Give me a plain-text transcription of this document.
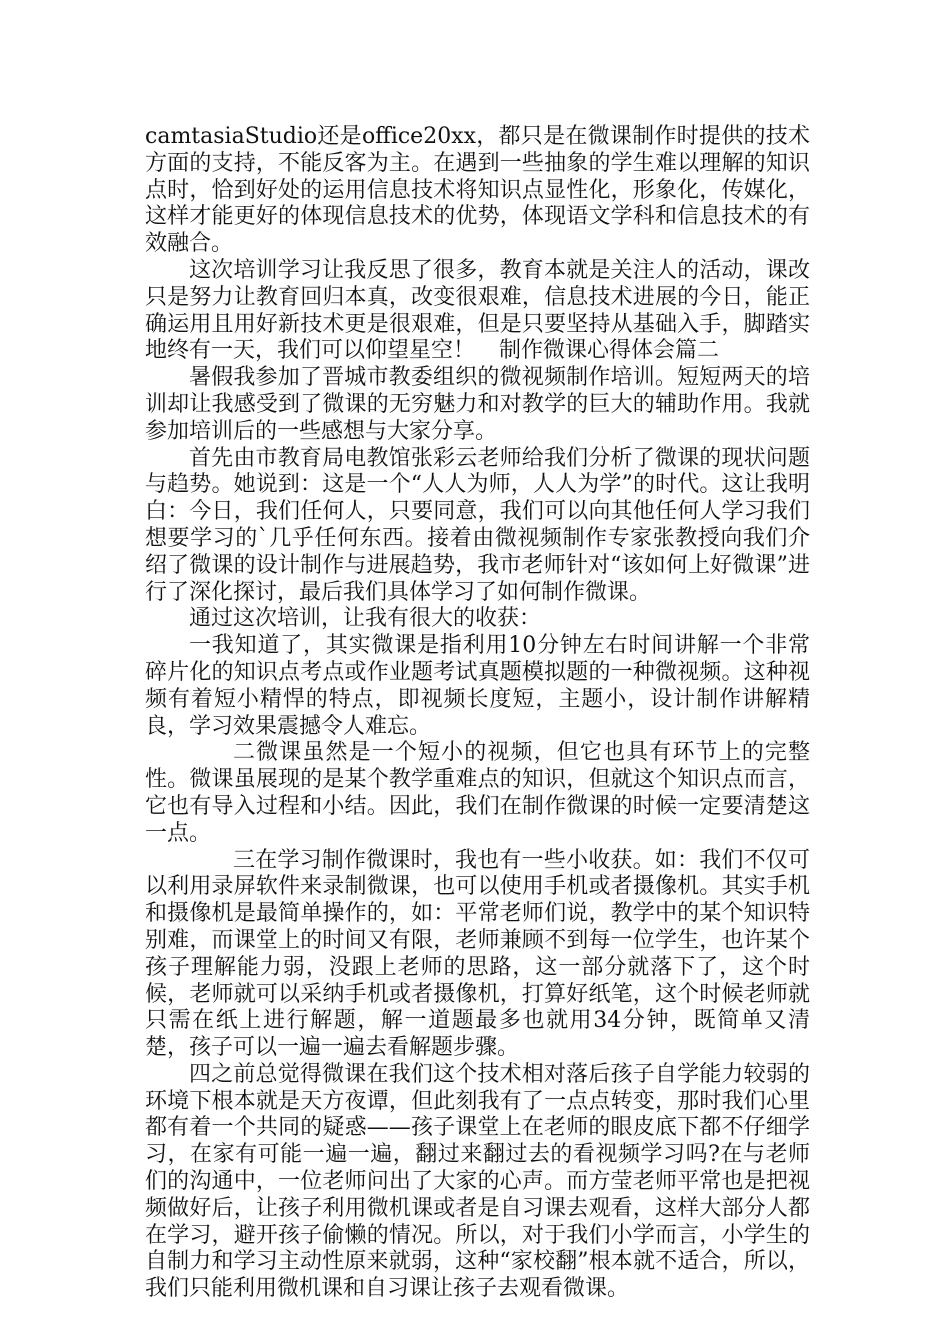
camtasiaStudio还是office20xx，都只是在微课制作时提供的技术方面的支持，不能反客为主。在遇到一些抽象的学生难以理解的知识点时，恰到好处的运用信息技术将知识点显性化，形象化，传媒化，这样才能更好的体现信息技术的优势，体现语文学科和信息技术的有效融合。

这次培训学习让我反思了很多，教育本就是关注人的活动，课改只是努力让教育回归本真，改变很艰难，信息技术进展的今日，能正确运用且用好新技术更是很艰难，但是只要坚持从基础入手，脚踏实地终有一天，我们可以仰望星空！ 制作微课心得体会篇二

暑假我参加了晋城市教委组织的微视频制作培训。短短两天的培训却让我感受到了微课的无穷魅力和对教学的巨大的辅助作用。我就参加培训后的一些感想与大家分享。

首先由市教育局电教馆张彩云老师给我们分析了微课的现状问题与趋势。她说到：这是一个“人人为师，人人为学”的时代。这让我明白：今日，我们任何人，只要同意，我们可以向其他任何人学习我们想要学习的`几乎任何东西。接着由微视频制作专家张教授向我们介绍了微课的设计制作与进展趋势，我市老师针对“该如何上好微课”进行了深化探讨，最后我们具体学习了如何制作微课。

通过这次培训，让我有很大的收获：

一我知道了，其实微课是指利用10分钟左右时间讲解一个非常碎片化的知识点考点或作业题考试真题模拟题的一种微视频。这种视频有着短小精悍的特点，即视频长度短，主题小，设计制作讲解精良，学习效果震撼令人难忘。

二微课虽然是一个短小的视频，但它也具有环节上的完整性。微课虽展现的是某个教学重难点的知识，但就这个知识点而言，它也有导入过程和小结。因此，我们在制作微课的时候一定要清楚这一点。

三在学习制作微课时，我也有一些小收获。如：我们不仅可以利用录屏软件来录制微课，也可以使用手机或者摄像机。其实手机和摄像机是最简单操作的，如：平常老师们说，教学中的某个知识特别难，而课堂上的时间又有限，老师兼顾不到每一位学生，也许某个孩子理解能力弱，没跟上老师的思路，这一部分就落下了，这个时候，老师就可以采纳手机或者摄像机，打算好纸笔，这个时候老师就只需在纸上进行解题，解一道题最多也就用34分钟，既简单又清楚，孩子可以一遍一遍去看解题步骤。

四之前总觉得微课在我们这个技术相对落后孩子自学能力较弱的环境下根本就是天方夜谭，但此刻我有了一点点转变，那时我们心里都有着一个共同的疑惑——孩子课堂上在老师的眼皮底下都不仔细学习，在家有可能一遍一遍，翻过来翻过去的看视频学习吗?在与老师们的沟通中，一位老师问出了大家的心声。而方莹老师平常也是把视频做好后，让孩子利用微机课或者是自习课去观看，这样大部分人都在学习，避开孩子偷懒的情况。所以，对于我们小学而言，小学生的自制力和学习主动性原来就弱，这种“家校翻”根本就不适合，所以，我们只能利用微机课和自习课让孩子去观看微课。
